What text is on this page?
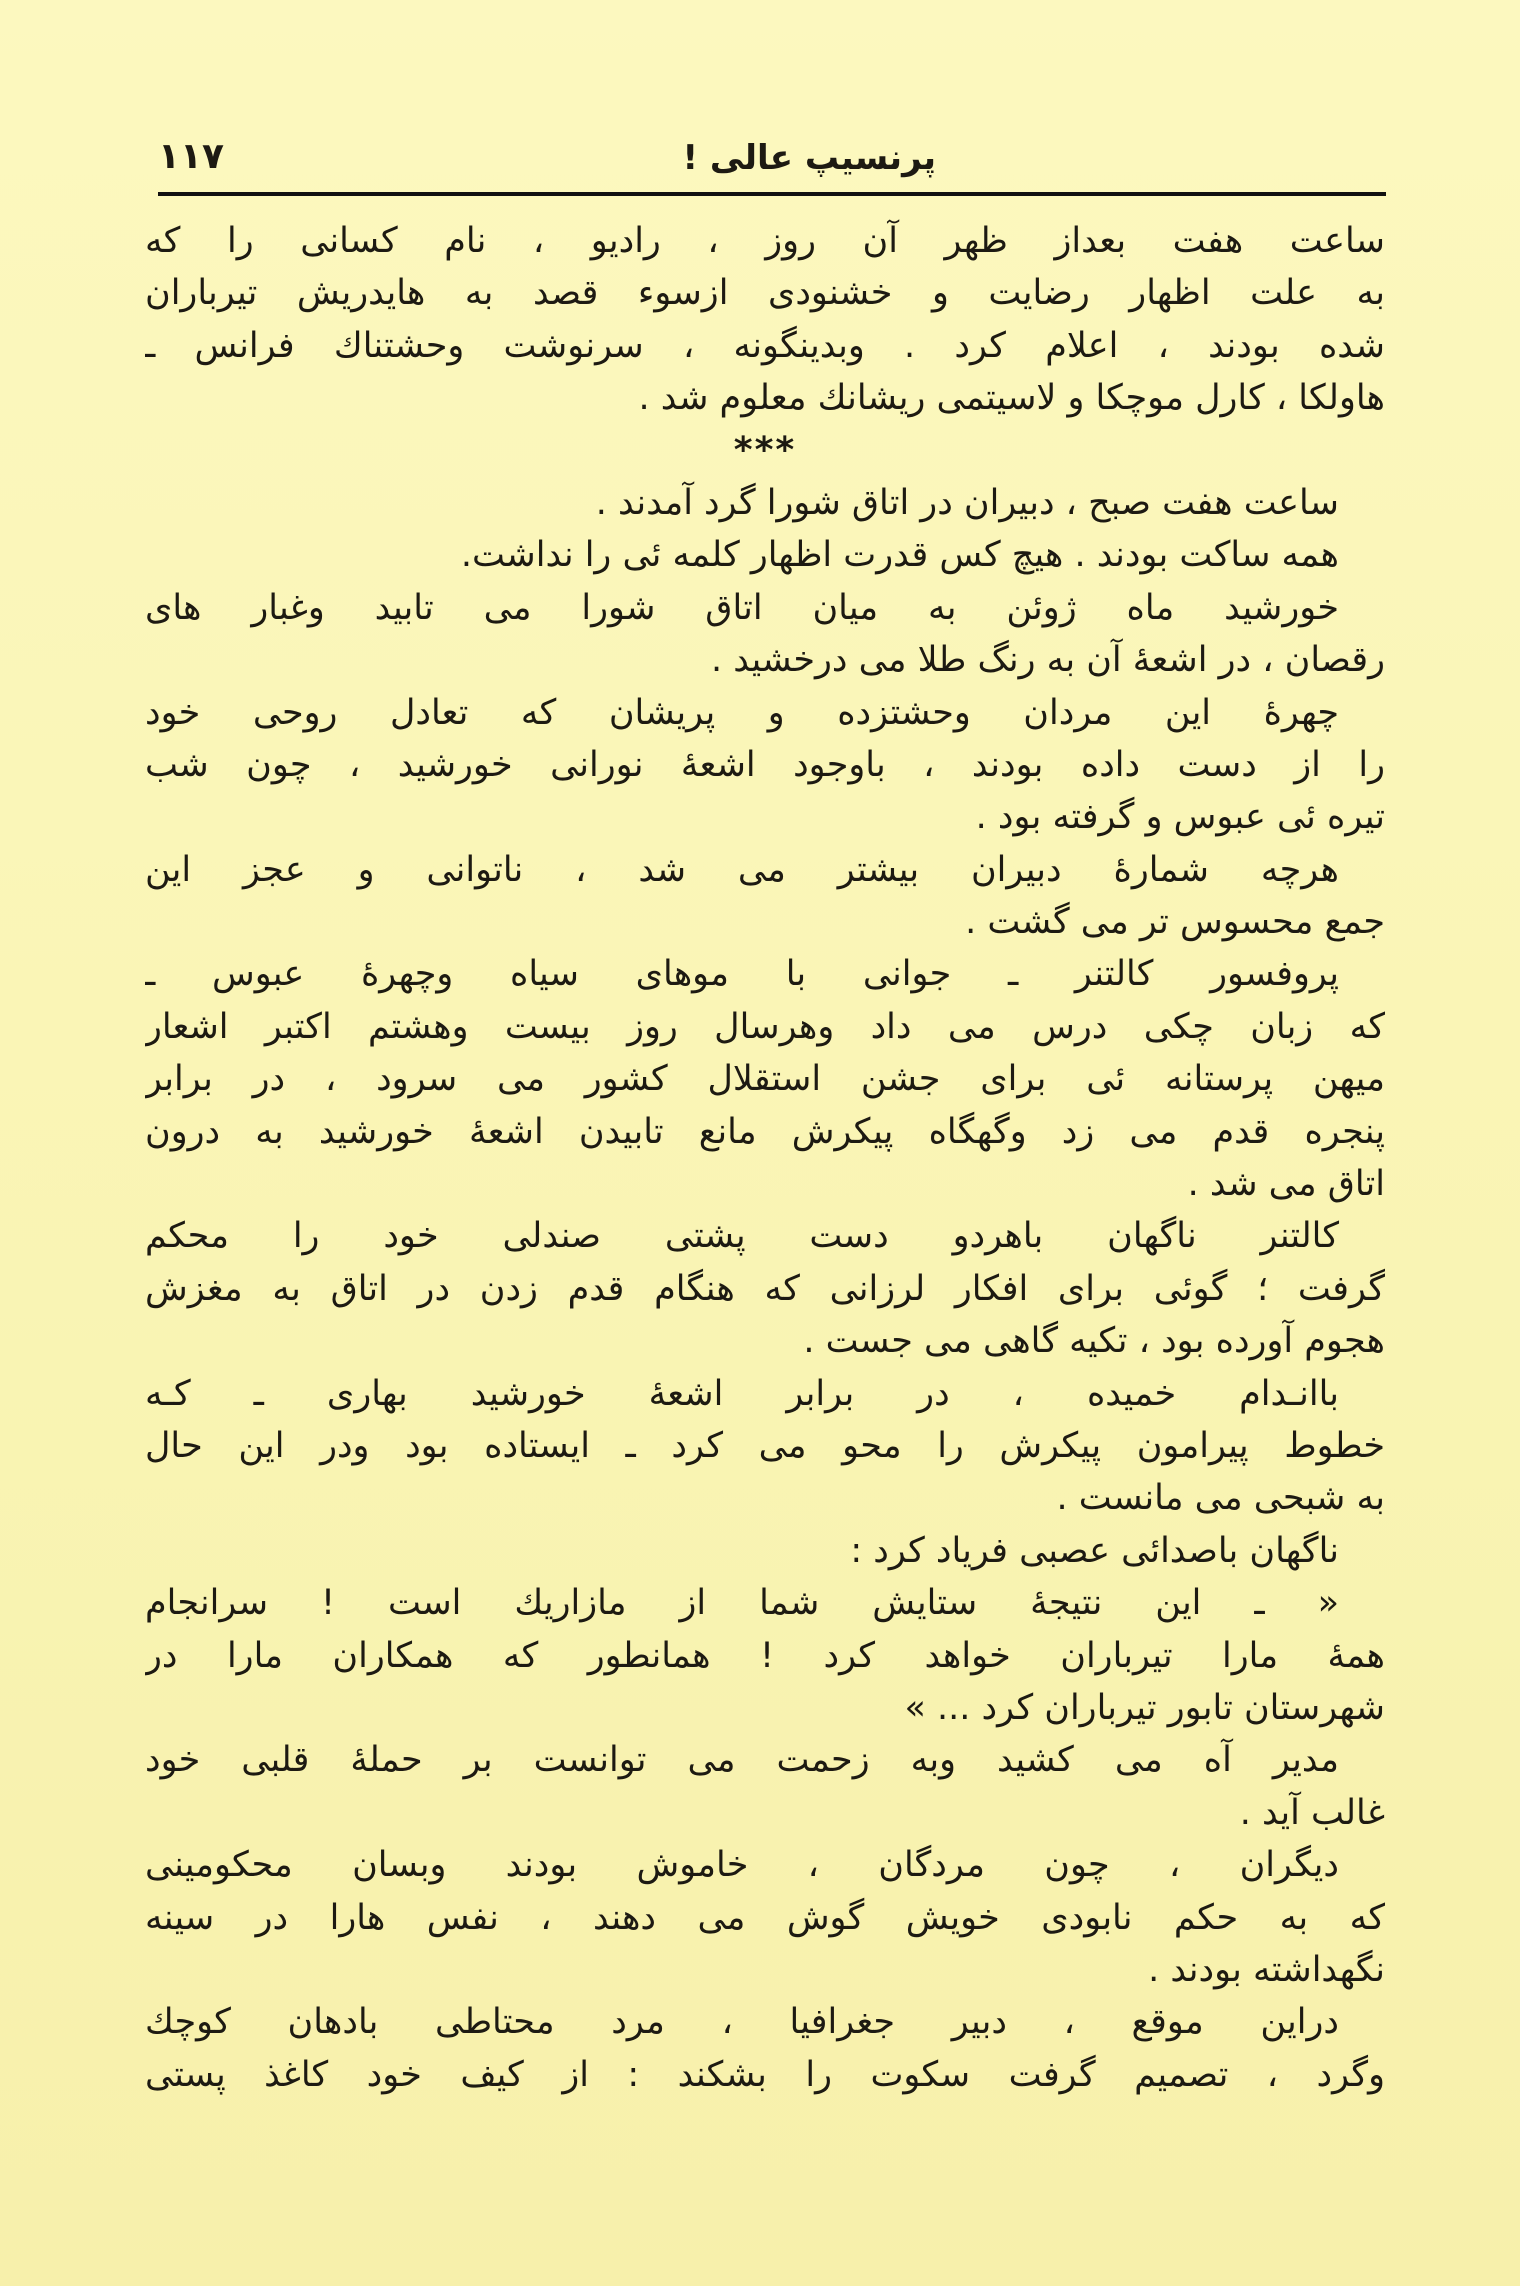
پرنسیپ عالی !
۱۱۷
ساعت هفت بعداز ظهر آن روز ، رادیو ، نام کسانی را که
به علت اظهار رضایت و خشنودی ازسوء قصد به هایدریش تیرباران
شده بودند ، اعلام کرد . وبدینگونه ، سرنوشت وحشتناك فرانس ـ
هاولکا ، کارل موچکا و لاسیتمی ریشانك معلوم شد .
***
ساعت هفت صبح ، دبیران در اتاق شورا گرد آمدند .
همه ساکت بودند . هیچ کس قدرت اظهار کلمه ئی را نداشت.
خورشید ماه ژوئن به میان اتاق شورا می تابید وغبار های
رقصان ، در اشعهٔ آن به رنگ طلا می درخشید .
چهرهٔ این مردان وحشتزده و پریشان که تعادل روحی خود
را از دست داده بودند ، باوجود اشعهٔ نورانی خورشید ، چون شب
تیره ئی عبوس و گرفته بود .
هرچه شمارهٔ دبیران بیشتر می شد ، ناتوانی و عجز این
جمع محسوس تر می گشت .
پروفسور کالتنر ـ جوانی با موهای سیاه وچهرهٔ عبوس ـ
که زبان چکی درس می داد وهرسال روز بیست وهشتم اکتبر اشعار
میهن پرستانه ئی برای جشن استقلال کشور می سرود ، در برابر
پنجره قدم می زد وگهگاه پیکرش مانع تابیدن اشعهٔ خورشید به درون
اتاق می شد .
کالتنر ناگهان باهردو دست پشتی صندلی خود را محکم
گرفت ؛ گوئی برای افکار لرزانی که هنگام قدم زدن در اتاق به مغزش
هجوم آورده بود ، تکیه گاهی می جست .
باانـدام خمیده ، در برابر اشعهٔ خورشید بهاری ـ کـه
خطوط پیرامون پیکرش را محو می کرد ـ ایستاده بود ودر این حال
به شبحی می مانست .
ناگهان باصدائی عصبی فریاد کرد :
« ـ این نتیجهٔ ستایش شما از مازاریك است ! سرانجام
همهٔ مارا تیرباران خواهد کرد ! همانطور که همکاران مارا در
شهرستان تابور تیرباران کرد ... »
مدیر آه می کشید وبه زحمت می توانست بر حملهٔ قلبی خود
غالب آید .
دیگران ، چون مردگان ، خاموش بودند وبسان محکومینی
که به حکم نابودی خویش گوش می دهند ، نفس هارا در سینه
نگهداشته بودند .
دراین موقع ، دبیر جغرافیا ، مرد محتاطی بادهان کوچك
وگرد ، تصمیم گرفت سکوت را بشکند : از کیف خود کاغذ پستی
